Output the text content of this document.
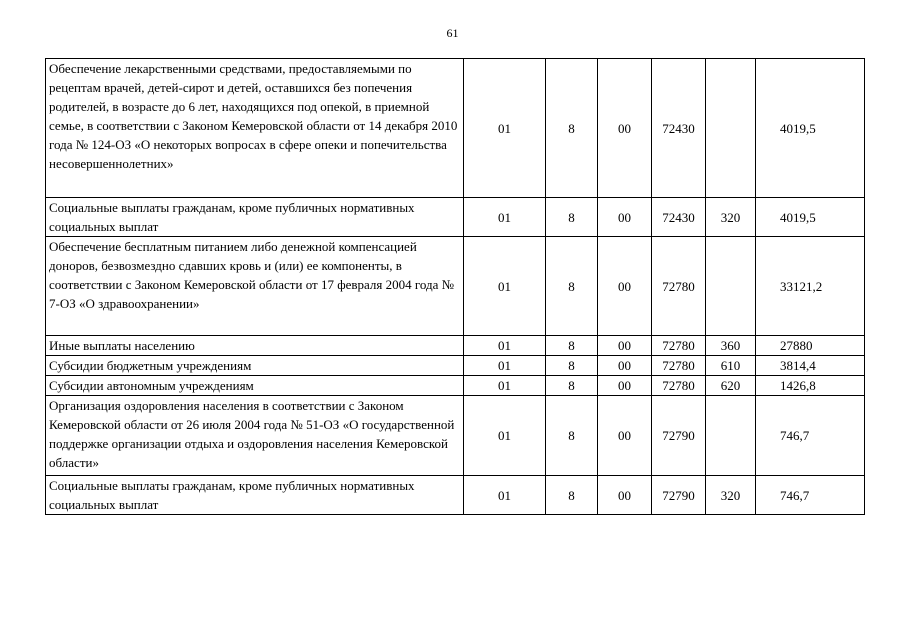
61
Обеспечение лекарственными средствами, предоставляемыми по рецептам врачей, детей-сирот и детей, оставшихся без попечения родителей, в возрасте до 6 лет, находящихся под опекой, в приемной семье, в соответствии с Законом Кемеровской области от 14 декабря 2010 года № 124-ОЗ «О некоторых вопросах в сфере опеки и попечительства несовершеннолетних»	01	8	00	72430		4019,5
Социальные выплаты гражданам, кроме публичных нормативных социальных выплат	01	8	00	72430	320	4019,5
Обеспечение бесплатным питанием либо денежной компенсацией доноров, безвозмездно сдавших кровь и (или) ее компоненты, в соответствии с Законом Кемеровской области от 17 февраля 2004 года № 7-ОЗ «О здравоохранении»	01	8	00	72780		33121,2
Иные выплаты населению	01	8	00	72780	360	27880
Субсидии бюджетным учреждениям	01	8	00	72780	610	3814,4
Субсидии автономным учреждениям	01	8	00	72780	620	1426,8
Организация оздоровления населения в соответствии с Законом Кемеровской области от 26 июля 2004 года № 51-ОЗ «О государственной поддержке организации отдыха и оздоровления населения Кемеровской области»	01	8	00	72790		746,7
Социальные выплаты гражданам, кроме публичных нормативных социальных выплат	01	8	00	72790	320	746,7
